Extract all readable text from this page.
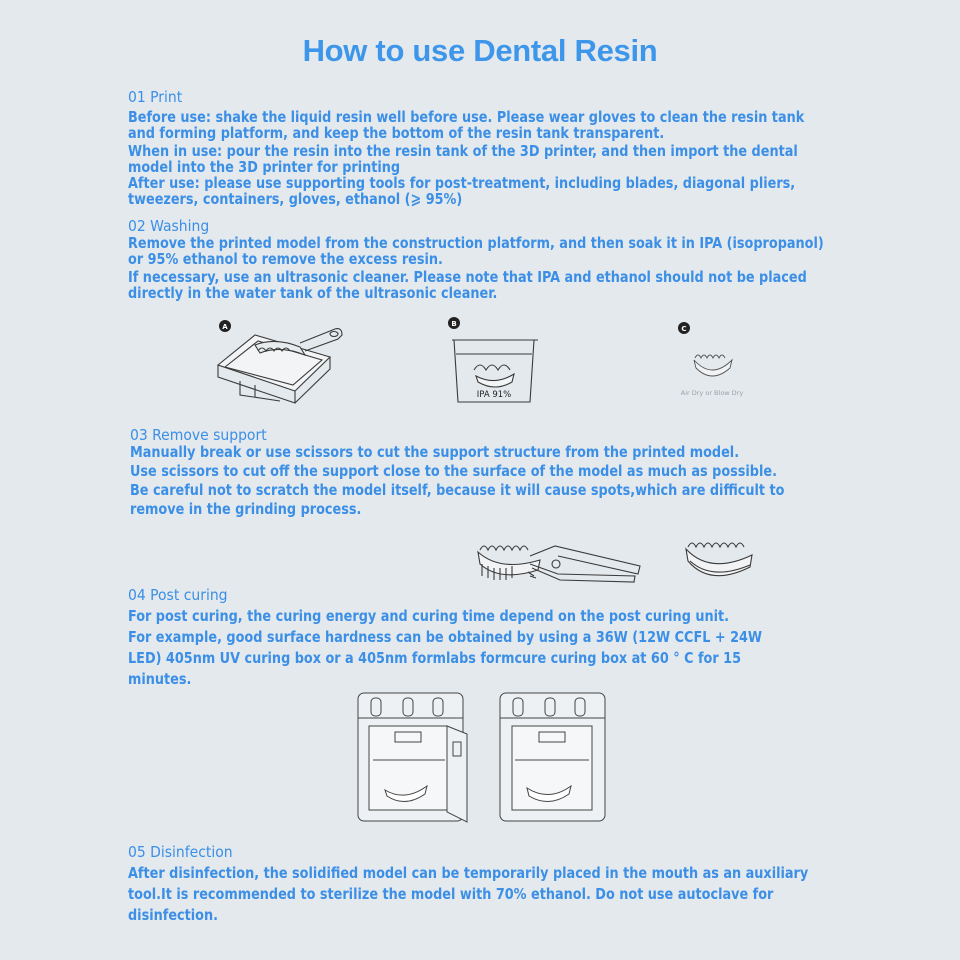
How to use Dental Resin
01 Print
Before use: shake the liquid resin well before use. Please wear gloves to clean the resin tank
and forming platform, and keep the bottom of the resin tank transparent.
When in use: pour the resin into the resin tank of the 3D printer, and then import the dental
model into the 3D printer for printing
After use: please use supporting tools for post-treatment, including blades, diagonal pliers,
tweezers, containers, gloves, ethanol (⩾ 95%)
02 Washing
Remove the printed model from the construction platform, and then soak it in IPA (isopropanol)
or 95% ethanol to remove the excess resin.
If necessary, use an ultrasonic cleaner. Please note that IPA and ethanol should not be placed
directly in the water tank of the ultrasonic cleaner.
A	B
IPA 91%
C
Air Dry or Blow Dry
03 Remove support
Manually break or use scissors to cut the support structure from the printed model.
Use scissors to cut off the support close to the surface of the model as much as possible.
Be careful not to scratch the model itself, because it will cause spots,which are difficult to
remove in the grinding process.
04 Post curing
For post curing, the curing energy and curing time depend on the post curing unit.
For example, good surface hardness can be obtained by using a 36W (12W CCFL + 24W
LED) 405nm UV curing box or a 405nm formlabs formcure curing box at 60 ° C for 15
minutes.
05 Disinfection
After disinfection, the solidified model can be temporarily placed in the mouth as an auxiliary
tool.It is recommended to sterilize the model with 70% ethanol. Do not use autoclave for
disinfection.
